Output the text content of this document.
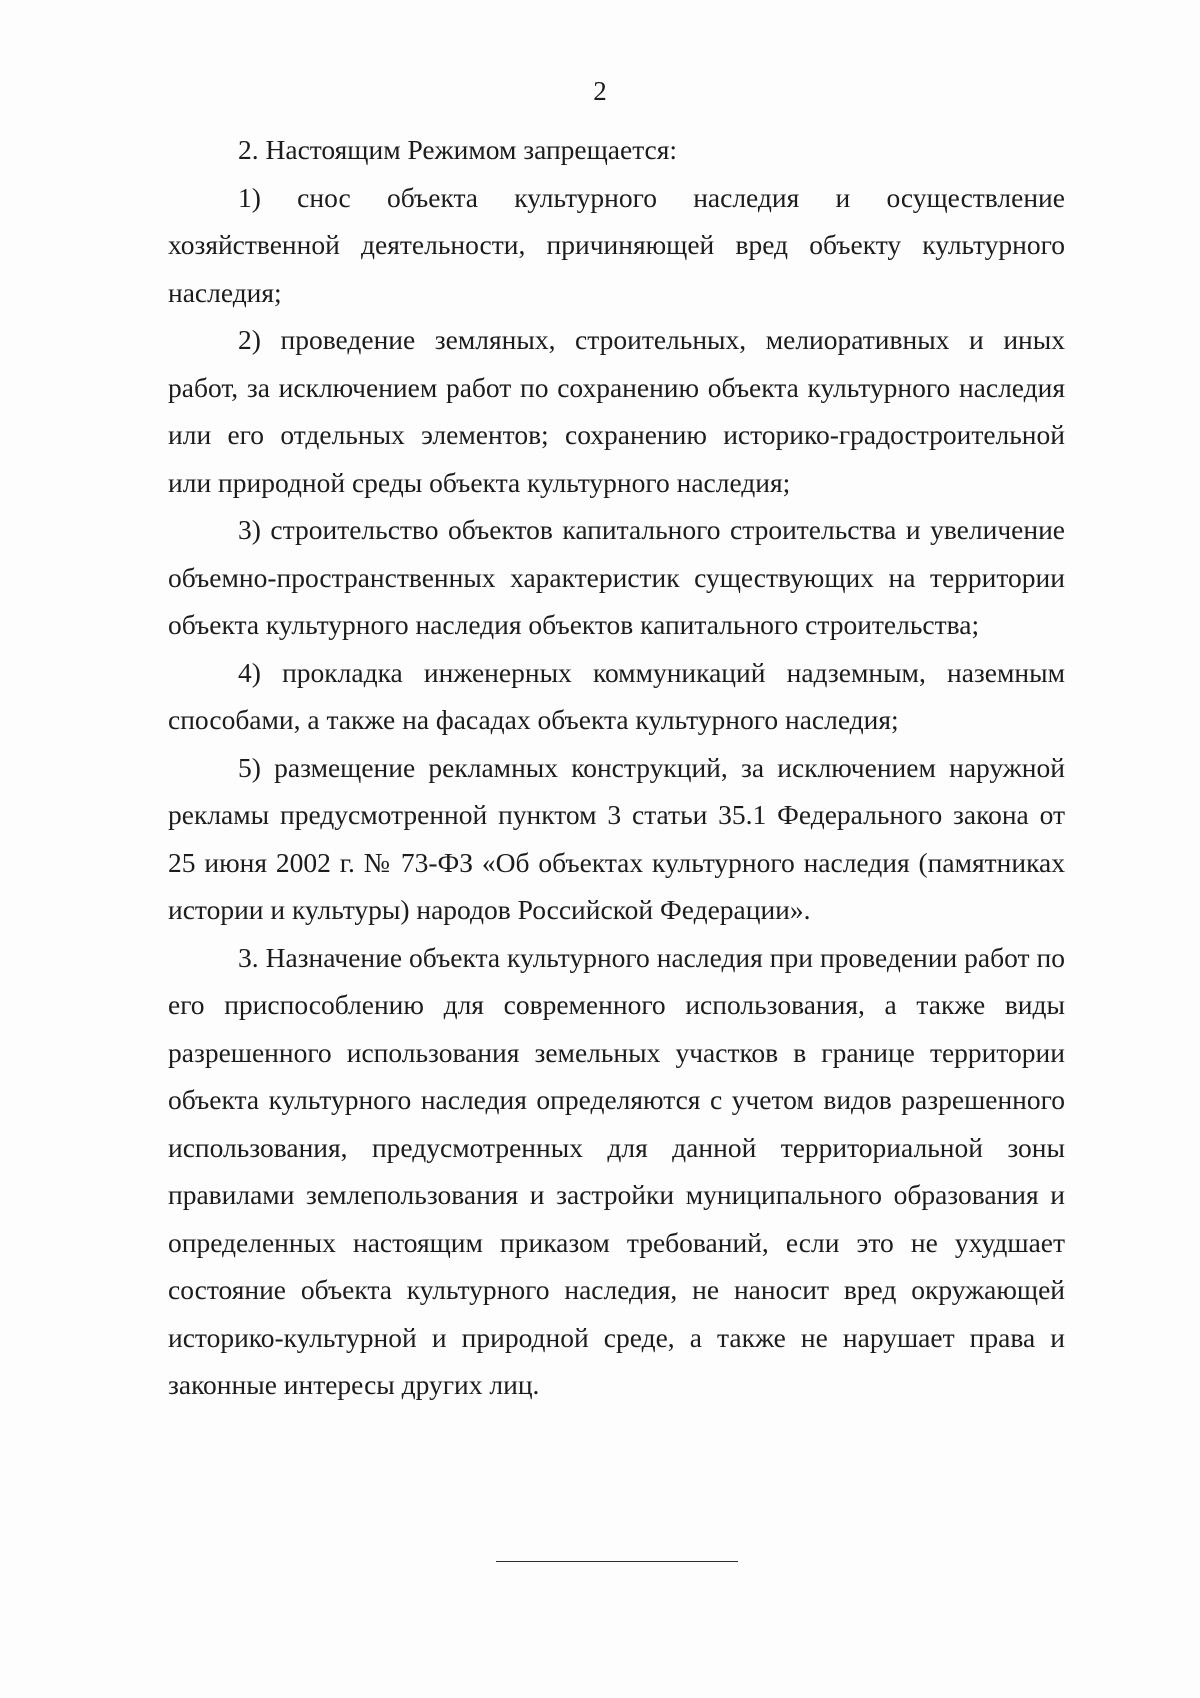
2

2. Настоящим Режимом запрещается:

1) снос объекта культурного наследия и осуществление хозяйственной деятельности, причиняющей вред объекту культурного наследия;

2) проведение земляных, строительных, мелиоративных и иных работ, за исключением работ по сохранению объекта культурного наследия или его отдельных элементов; сохранению историко-градостроительной или природной среды объекта культурного наследия;

3) строительство объектов капитального строительства и увеличение объемно-пространственных характеристик существующих на территории объекта культурного наследия объектов капитального строительства;

4) прокладка инженерных коммуникаций надземным, наземным способами, а также на фасадах объекта культурного наследия;

5) размещение рекламных конструкций, за исключением наружной рекламы предусмотренной пунктом 3 статьи 35.1 Федерального закона от 25 июня 2002 г. № 73-ФЗ «Об объектах культурного наследия (памятниках истории и культуры) народов Российской Федерации».

3. Назначение объекта культурного наследия при проведении работ по его приспособлению для современного использования, а также виды разрешенного использования земельных участков в границе территории объекта культурного наследия определяются с учетом видов разрешенного использования, предусмотренных для данной территориальной зоны правилами землепользования и застройки муниципального образования и определенных настоящим приказом требований, если это не ухудшает состояние объекта культурного наследия, не наносит вред окружающей историко-культурной и природной среде, а также не нарушает права и законные интересы других лиц.
